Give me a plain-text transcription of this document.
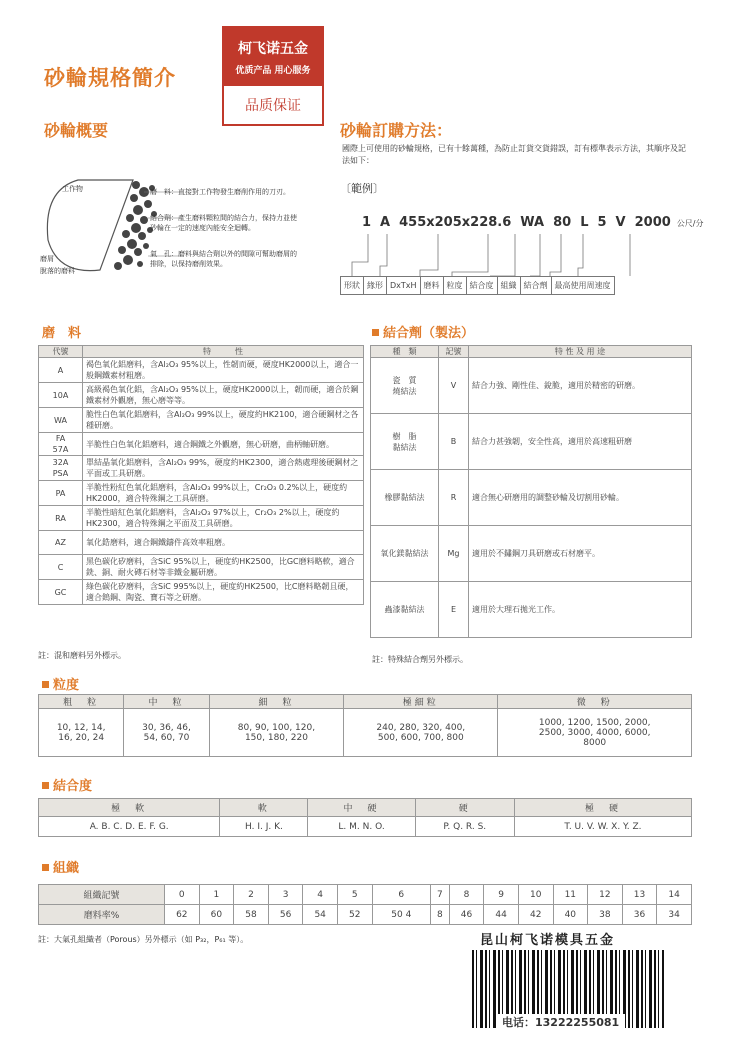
砂輪規格簡介
柯飞诺五金
优质产品 用心服务
品质保证
砂輪概要
工作物
磨屑
脫落的磨料
磨　料：直接對工作物發生磨削作用的刀刃。
結合劑：產生磨料顆粒間的結合力，保持力並使砂輪在一定的速度內能安全迴轉。
氣　孔：磨料與結合劑以外的間隙可幫助磨屑的排除，以保持磨削效果。
砂輪訂購方法：
國際上可使用的砂輪規格，已有十餘萬種，為防止訂貨交貨錯誤，訂有標準表示方法，其順序及記法如下：
〔範例〕
1 A 455x205x228.6 WA 80 L 5 V 2000 公尺/分
形狀	緣形	DxTxH	磨料	粒度	結合度	組織	結合劑	最高使用周速度
磨　料
代號	特　　　性
A	褐色氧化鋁磨料，含Al₂O₃ 95%以上，性韌而硬，硬度HK2000以上，適合一般鋼鐵素材粗磨。
10A	高級褐色氧化鋁，含Al₂O₃ 95%以上，硬度HK2000以上，韌而硬，適合於鋼鐵素材外觀磨，無心磨等等。
WA	脆性白色氧化鋁磨料，含Al₂O₃ 99%以上，硬度約HK2100，適合硬鋼材之各種研磨。
FA
57A	半脆性白色氧化鋁磨料，適合鋼鐵之外觀磨，無心研磨，曲柄軸研磨。
32A
PSA	單結晶氧化鋁磨料，含Al₂O₃ 99%，硬度約HK2300，適合熱處理後硬鋼材之平面或工具研磨。
PA	半脆性粉紅色氧化鋁磨料，含Al₂O₃ 99%以上，Cr₂O₃ 0.2%以上，硬度約HK2000，適合特殊鋼之工具研磨。
RA	半脆性暗紅色氧化鋁磨料，含Al₂O₃ 97%以上，Cr₂O₃ 2%以上，硬度約HK2300，適合特殊鋼之平面及工具研磨。
AZ	氧化鋯磨料，適合鋼鐵鑄件高效率粗磨。
C	黑色碳化矽磨料，含SiC 95%以上，硬度約HK2500，比GC磨料略軟，適合銑、銅、耐火磚石材等非鐵金屬研磨。
GC	綠色碳化矽磨料，含SiC 995%以上，硬度約HK2500，比C磨料略韌且硬，適合鎢鋼、陶瓷、寶石等之研磨。
註：混和磨料另外標示。
結合劑（製法）
種　類	記號	特 性 及 用 途
瓷　質
燒結法	V	結合力強、剛性佳、銳脆，適用於精密的研磨。
樹　脂
黏結法	B	結合力甚強韌，安全性高，適用於高速粗研磨
橡膠黏結法	R	適合無心研磨用的調整砂輪及切割用砂輪。
氧化鎂黏結法	Mg	適用於不鏽鋼刀具研磨或石材磨平。
蟲漆黏結法	E	適用於大理石拋光工作。
註：特殊結合劑另外標示。
粒度
粗　粒	中　粒	細　粒	極細粒	微　粉
10, 12, 14,
16, 20, 24	30, 36, 46,
54, 60, 70	80, 90, 100, 120,
150, 180, 220	240, 280, 320, 400,
500, 600, 700, 800	1000, 1200, 1500, 2000,
2500, 3000, 4000, 6000,
8000
結合度
極　軟	軟	中　硬	硬	極　硬
A. B. C. D. E. F. G.	H. I. J. K.	L. M. N. O.	P. Q. R. S.	T. U. V. W. X. Y. Z.
組織
組織記號	0	1	2	3	4	5	6	7	8	9	10	11	12	13	14
磨料率%	62	60	58	56	54	52	50 4	8	46	44	42	40	38	36	34
註：大氣孔組織者（Porous）另外標示（如 P₃₂，P₆₁ 等）。	昆山柯飞诺模具五金
电话：13222255081
